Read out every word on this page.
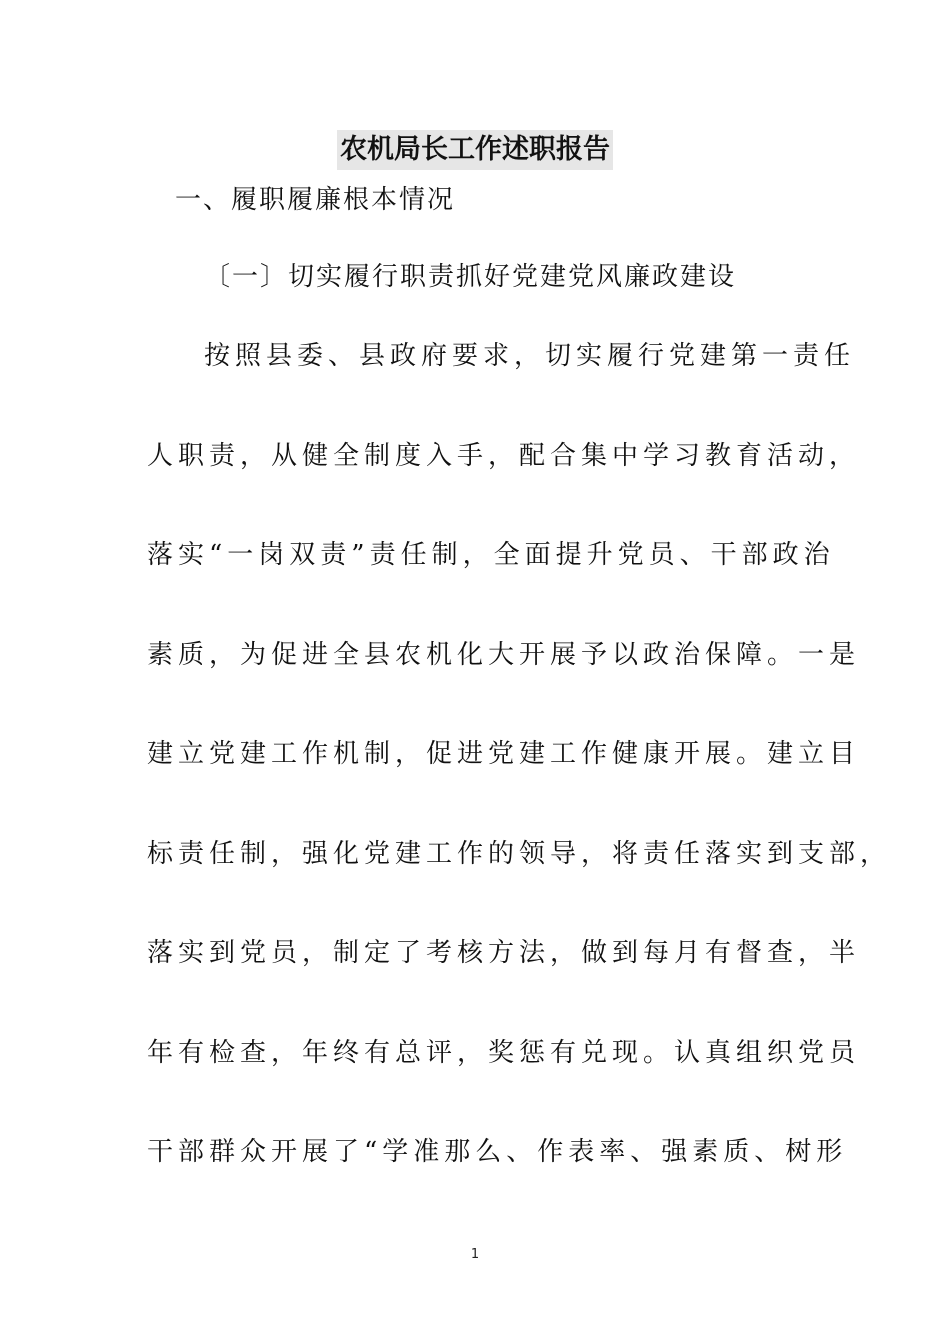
农机局长工作述职报告
一、履职履廉根本情况
〔一〕切实履行职责抓好党建党风廉政建设
按照县委、县政府要求，切实履行党建第一责任
人职责，从健全制度入手，配合集中学习教育活动，
落实“一岗双责”责任制，全面提升党员、干部政治
素质，为促进全县农机化大开展予以政治保障。一是
建立党建工作机制，促进党建工作健康开展。建立目
标责任制，强化党建工作的领导，将责任落实到支部，
落实到党员，制定了考核方法，做到每月有督查，半
年有检查，年终有总评，奖惩有兑现。认真组织党员
干部群众开展了“学准那么、作表率、强素质、树形
1
